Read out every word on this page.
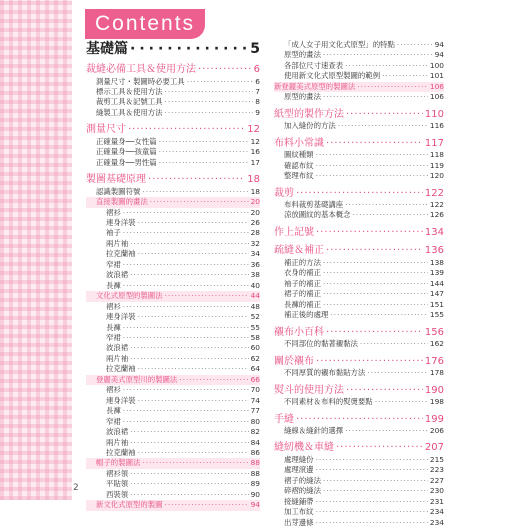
Contents
基礎篇 ·····	5
裁縫必備工具＆使用方法 ·····	6
測量尺寸・製圖時必要工具 ·····	6
標示工具＆使用方法 ·····	7
裁剪工具＆記號工具 ·····	8
縫製工具＆使用方法 ·····	9
測量尺寸 ·····	12
正確量身──女性篇 ·····	12
正確量身──孩童篇 ·····	16
正確量身──男性篇 ·····	17
製圖基礎原理 ·····	18
認識製圖符號 ·····	18
直接製圖的畫法 ·····	20
褶衫 ·····	20
連身洋裝 ·····	26
袖子 ·····	28
兩片袖 ·····	32
拉克蘭袖 ·····	34
窄裙 ·····	36
波浪裙 ·····	38
長褲 ·····	40
文化式原型的製圖法 ·····	44
褶衫 ·····	48
連身洋裝 ·····	52
長褲 ·····	55
窄裙 ·····	58
波浪裙 ·····	60
兩片袖 ·····	62
拉克蘭袖 ·····	64
登麗美式原型川的製圖法 ·····	66
褶衫 ·····	70
連身洋裝 ·····	74
長褲 ·····	77
窄裙 ·····	80
波浪裙 ·····	82
兩片袖 ·····	84
拉克蘭袖 ·····	86
帽子的製圖法 ·····	88
褶衫領 ·····	88
平貼領 ·····	89
西裝領 ·····	90
新文化式原型的製圖 ·····	94
「成人女子用文化式原型」的特點 ·····	94
原型的畫法 ·····	94
各部位尺寸速查表 ·····	100
使用新文化式原型製圖的範例 ·····	101
新登麗美式原型的製圖法 ·····	106
原型的畫法 ·····	106
紙型的製作方法 ·····	110
加入縫份的方法 ·····	116
布料小常識 ·····	117
圖紋種類 ·····	118
確認布紋 ·····	119
整理布紋 ·····	120
裁剪 ·····	122
布料裁剪基礎講座 ·····	122
涼放圖紋的基本概念 ·····	126
作上記號 ·····	134
疏縫＆補正 ·····	136
補正的方法 ·····	138
衣身的補正 ·····	139
袖子的補正 ·····	144
裙子的補正 ·····	147
長褲的補正 ·····	151
補正後的處理 ·····	155
襯布小百科 ·····	156
不同部位的黏著襯黏法 ·····	162
關於襯布 ·····	176
不同厚質的襯布黏貼方法 ·····	178
熨斗的使用方法 ·····	190
不同素材＆布料的熨燙要點 ·····	198
手縫 ·····	199
縫線＆縫針的選擇 ·····	206
縫紉機＆車縫 ·····	207
處理縫份 ·····	215
處理滾邊 ·····	223
褶子的縫法 ·····	227
碎褶的縫法 ·····	230
接縫鋪帶 ·····	231
加工布紋 ·····	234
出芽邊條 ·····	234
2
